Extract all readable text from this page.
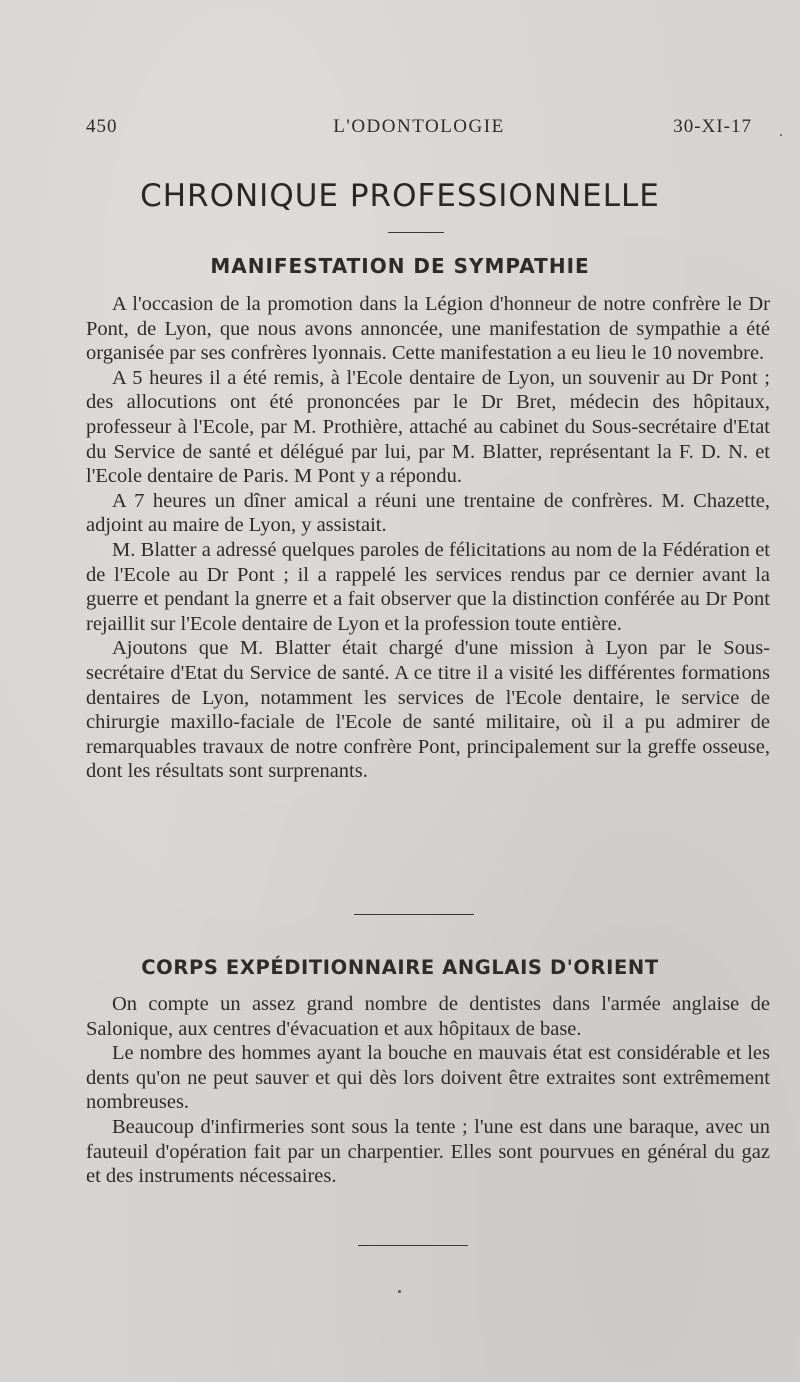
450	L'ODONTOLOGIE	30-XI-17
CHRONIQUE PROFESSIONNELLE
MANIFESTATION DE SYMPATHIE

A l'occasion de la promotion dans la Légion d'honneur de notre confrère le Dr Pont, de Lyon, que nous avons annoncée, une manifestation de sympathie a été organisée par ses confrères lyonnais. Cette manifestation a eu lieu le 10 novembre.

A 5 heures il a été remis, à l'Ecole dentaire de Lyon, un souvenir au Dr Pont ; des allocutions ont été prononcées par le Dr Bret, médecin des hôpitaux, professeur à l'Ecole, par M. Prothière, attaché au cabinet du Sous-secrétaire d'Etat du Service de santé et délégué par lui, par M. Blatter, représentant la F. D. N. et l'Ecole dentaire de Paris. M Pont y a répondu.

A 7 heures un dîner amical a réuni une trentaine de confrères. M. Chazette, adjoint au maire de Lyon, y assistait.

M. Blatter a adressé quelques paroles de félicitations au nom de la Fédération et de l'Ecole au Dr Pont ; il a rappelé les services rendus par ce dernier avant la guerre et pendant la gnerre et a fait observer que la distinction conférée au Dr Pont rejaillit sur l'Ecole dentaire de Lyon et la profession toute entière.

Ajoutons que M. Blatter était chargé d'une mission à Lyon par le Sous-secrétaire d'Etat du Service de santé. A ce titre il a visité les différentes formations dentaires de Lyon, notamment les services de l'Ecole dentaire, le service de chirurgie maxillo-faciale de l'Ecole de santé militaire, où il a pu admirer de remarquables travaux de notre confrère Pont, principalement sur la greffe osseuse, dont les résultats sont surprenants.

CORPS EXPÉDITIONNAIRE ANGLAIS D'ORIENT

On compte un assez grand nombre de dentistes dans l'armée anglaise de Salonique, aux centres d'évacuation et aux hôpitaux de base.

Le nombre des hommes ayant la bouche en mauvais état est considérable et les dents qu'on ne peut sauver et qui dès lors doivent être extraites sont extrêmement nombreuses.

Beaucoup d'infirmeries sont sous la tente ; l'une est dans une baraque, avec un fauteuil d'opération fait par un charpentier. Elles sont pourvues en général du gaz et des instruments nécessaires.
